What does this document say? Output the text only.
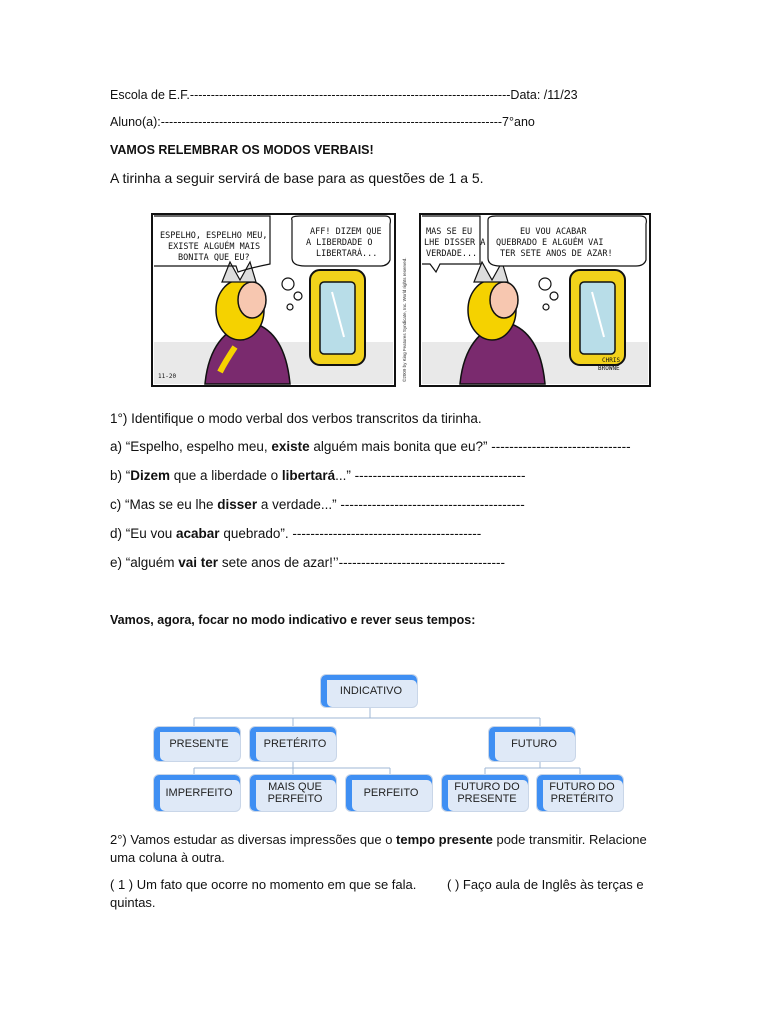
Escola de E.F.-----------------------------------------------------------------------------Data: /11/23
Aluno(a):----------------------------------------------------------------------------------7°ano
VAMOS RELEMBRAR OS MODOS VERBAIS!
A tirinha a seguir servirá de base para as questões de 1 a 5.
ESPELHO, ESPELHO MEU,
EXISTE ALGUÉM MAIS
BONITA QUE EU?
AFF! DIZEM QUE
A LIBERDADE O
LIBERTARÁ...
MAS SE EU
LHE DISSER A
VERDADE...
EU VOU ACABAR
QUEBRADO E ALGUÉM VAI
TER SETE ANOS DE AZAR!
11-20
CHRIS
BROWNE
©2009 by King Features Syndicate, Inc. World rights reserved.
1°) Identifique o modo verbal dos verbos transcritos da tirinha.
a) “Espelho, espelho meu, existe alguém mais bonita que eu?” -------------------------------
b) “Dizem que a liberdade o libertará...” --------------------------------------
c) “Mas se eu lhe disser a verdade...” -----------------------------------------
d) “Eu vou acabar quebrado”. ------------------------------------------
e) “alguém vai ter sete anos de azar!’’-------------------------------------
Vamos, agora, focar no modo indicativo e rever seus tempos:
INDICATIVO
PRESENTE	PRETÉRITO	FUTURO
IMPERFEITO
MAIS QUE PERFEITO
PERFEITO
FUTURO DO PRESENTE
FUTURO DO PRETÉRITO
2°) Vamos estudar as diversas impressões que o tempo presente pode transmitir. Relacione uma coluna à outra.
( 1 ) Um fato que ocorre no momento em que se fala. ( ) Faço aula de Inglês às terças e
quintas.
